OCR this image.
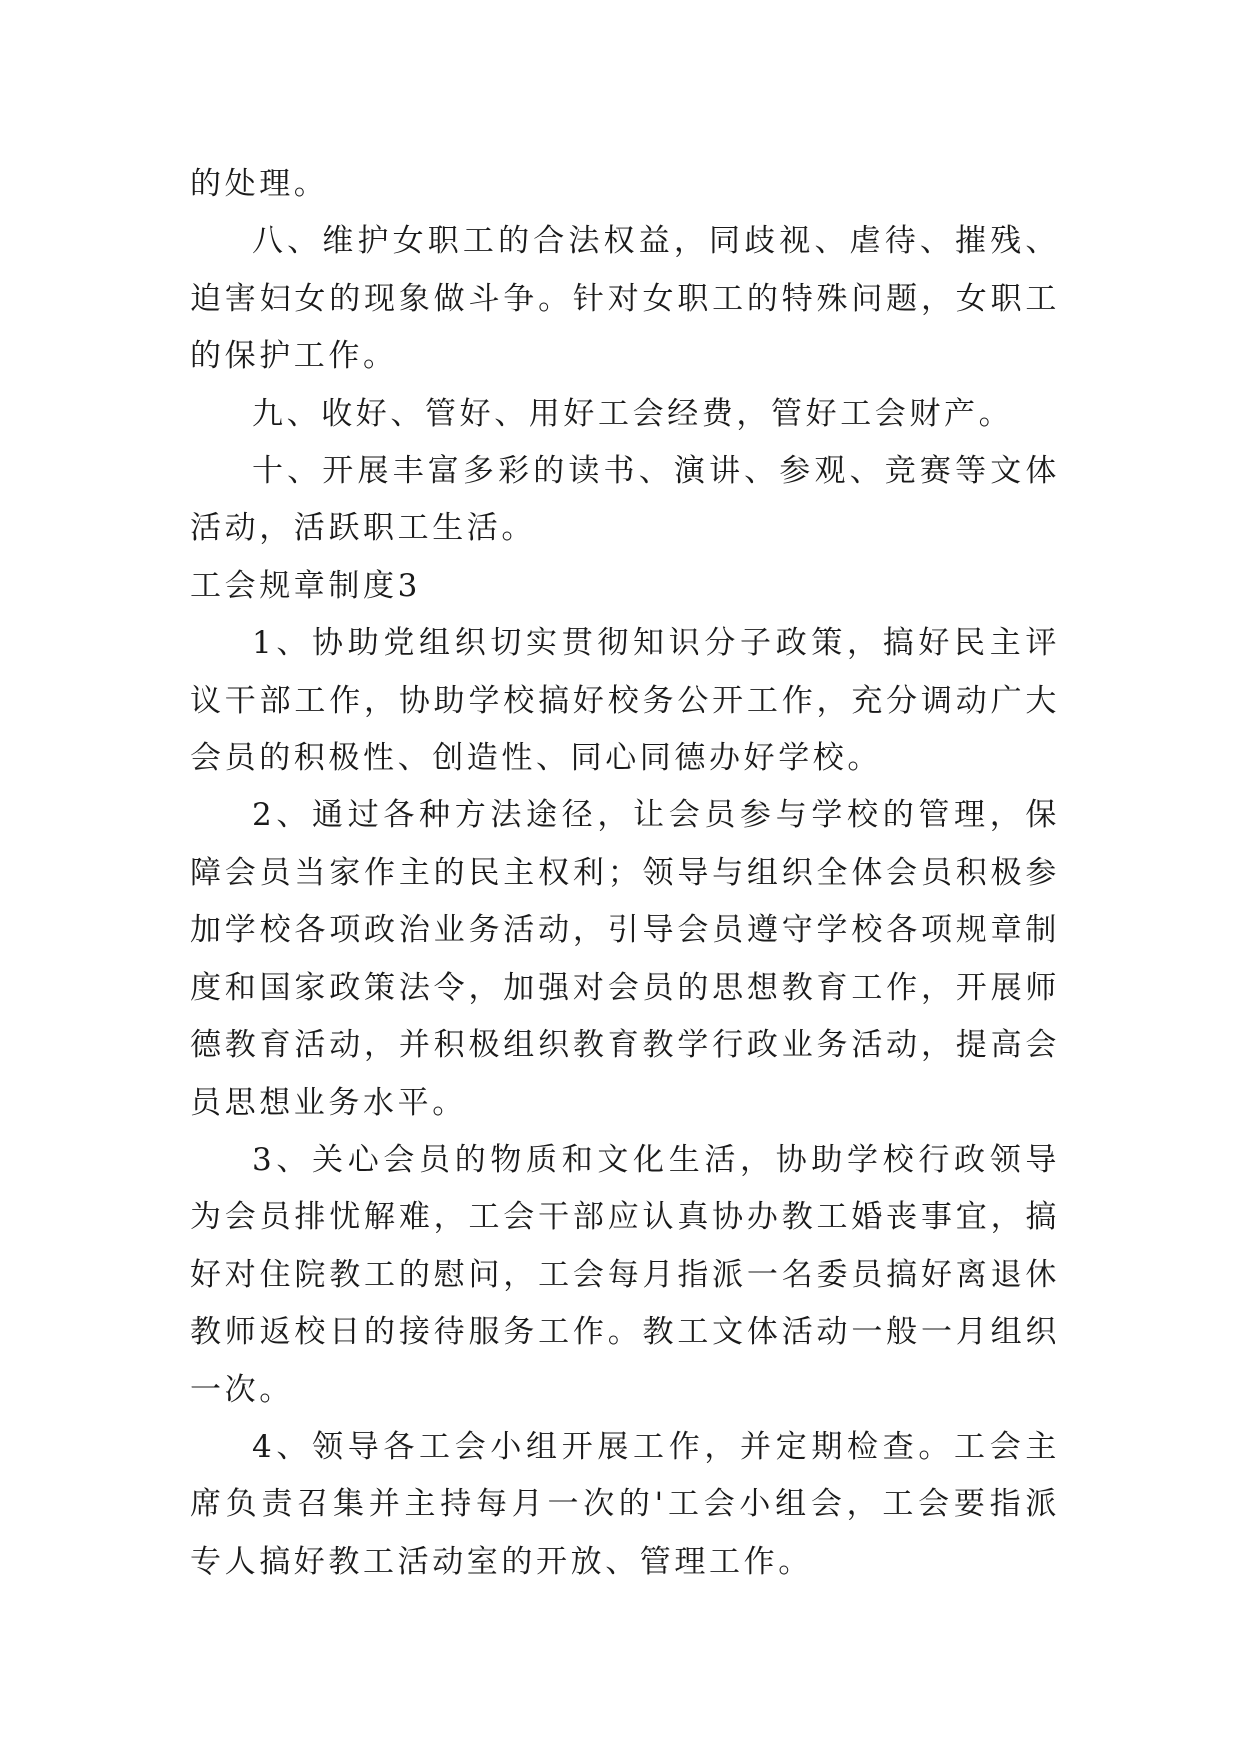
的处理。

八、维护女职工的合法权益，同歧视、虐待、摧残、迫害妇女的现象做斗争。针对女职工的特殊问题，女职工的保护工作。

九、收好、管好、用好工会经费，管好工会财产。

十、开展丰富多彩的读书、演讲、参观、竞赛等文体活动，活跃职工生活。

工会规章制度3

1、协助党组织切实贯彻知识分子政策，搞好民主评议干部工作，协助学校搞好校务公开工作，充分调动广大会员的积极性、创造性、同心同德办好学校。

2、通过各种方法途径，让会员参与学校的管理，保障会员当家作主的民主权利；领导与组织全体会员积极参加学校各项政治业务活动，引导会员遵守学校各项规章制度和国家政策法令，加强对会员的思想教育工作，开展师德教育活动，并积极组织教育教学行政业务活动，提高会员思想业务水平。

3、关心会员的物质和文化生活，协助学校行政领导为会员排忧解难，工会干部应认真协办教工婚丧事宜，搞好对住院教工的慰问，工会每月指派一名委员搞好离退休教师返校日的接待服务工作。教工文体活动一般一月组织一次。

4、领导各工会小组开展工作，并定期检查。工会主席负责召集并主持每月一次的'工会小组会，工会要指派专人搞好教工活动室的开放、管理工作。
